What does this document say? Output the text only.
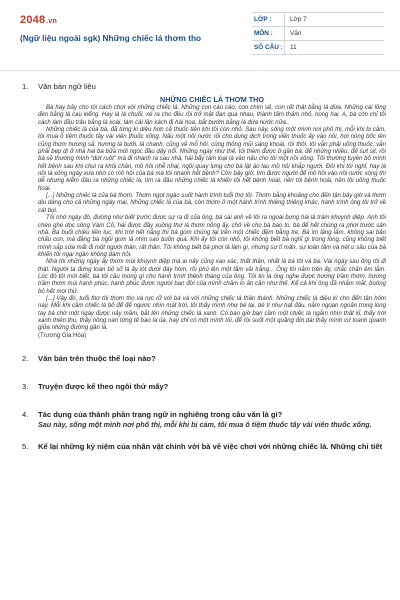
2048.vn
(Ngữ liệu ngoài sgk) Những chiếc lá thơm tho
LỚP :	Lớp 7
MÔN :	Văn
SỐ CÂU :	11
1.	Văn bản ngữ liệu
NHỮNG CHIẾC LÁ THƠM THO

Bà hay bảy cho tôi cách chơi với những chiếc lá. Những cọn cáo cáo, con chim sẻ, con rết thật bằng lá dừa. Những cái lồng đèn bằng lá cau kiểng. Hay là lá chuối, xé ra cho đều rồi trở mặt đan qua nhau, thành tấm thảm nhỏ, nong hai. A, bà còn chỉ tôi cách làm đầu trâu bằng lá xoài, làm cái lần xách đi hái hoa, bắt bướm bằng lá dừa nước nữa..

Những chiếc lá của bà, đã từng kì diệu hơn cả thuốc tiên khi tôi còn nhỏ. Sau này, sống một mình nơi phố thị, mỗi khi bị cảm, tôi mua ô tiệm thuốc tây vài viên thuốc xống. Nấu một nồi nước rồi cho dung dịch trong viên thuốc ấy vào nồi, hơi nóng bốc lên cũng thơm hương sả, hương lá bưởi, lá chanh, cũng vẽ mỗ hôi, cũng thông mũi sáng khoái, rồi thôi, tôi vẫn phải uống thuốc, vẫn phải bẹp dí ở nhà hai ba bữa mới ngóc đầu dậy nổi. Những ngày như thế, tôi thèm được ở gần bà, để những nhiều, để sựt sịt, rồi bà sẽ thương mình “dứt ruột” mà đi nhanh ra sau nhà, hái bẩy tám loại lá vào nấu cho tôi một nồi xông. Tôi thường tuyên bố mình hết bệnh sau khi chui ra khỏi chăn, mồ hôi nhễ nhại, ngồi quay lưng cho bà lật áo lau mồ hôi khắp người. Đôi khi tôi nghĩ, hay là nồi lá xông ngày xưa nhờ có mồ hôi của bà mà tôi nhanh hết bệnh? Còn bây giờ, tìm được người để mồ hôi vào nồi nước xông thì dễ nhưng kiếm đâu ra những chiếc lá, tìm ra đâu những chiếc lá khiến tôi hết bệnh hoài, nên tôi bệnh hoài, nên tôi uống thuốc hoài.

[...] Những chiếc lá của bà thơm. Thơm ngọt ngào suốt hành trình tuổi thơ tôi. Thơm bằng khoảng cho đến tận bây giờ và thơm dịu dàng cho cả những ngày mai. Những chiếc lá của bà, còn thơm ở một hành trình thiêng thiêng khác, hành trình ông tôi trở về cát bụi.

Tôi nhớ ngày đó, đường như biết trước được sự ra đi của ông, bà sai anh về tôi ra ngoài bưng hái lá trám khuynh diệp. Anh tôi chèo ghe dọc sông Vàm Cỏ, hái được đầy xuồng thứ lá thơm nồng ấy, chở về cho bà bao to, bà để hết chúng ra phơi trước sân nhà. Ba buổi chiều liền tục, khi trời hết nắng thì bà gom chúng lại trên một chiếc đệm bằng tre. Bà im lặng lắm, không sai bảo chấu con, mà đăng bà ngồi gom lá nhìn sao buồn quá. Khi ấy tôi còn nhỏ, tôi không biết bà nghĩ gì trong lòng, cũng không biết mình sắp sửa mất đi một người thân, rất thân. Tôi không biết bà phơi lá làm gì, nhưng sự tỉ mẩn, sự toàn tâm và nét u sầu của bà khiến tôi ngại ngần không dám hỏi.

Nhà tôi những ngày ấy thơm mùi khuynh diệp mà ai nấy cũng xao xác, thất thần, nhất là bà tôi và ba. Vài ngày sau ông tôi đi thật. Người ta đứng toàn bộ số lá ấy lót dưới đáy hòm, rồi phủ lên một tấm vải trắng... Ông tôi nằm trên ấy, chắc chăn êm lắm. Lúc đó tôi mới biết, bà tôi cầu mong gì cho hành trình thênh thang của ông. Tôi tin là ông nghe được hương trầm thơm, hương trầm thơm mùi hạnh phúc, hạnh phúc được người bạn đời của mình chăm lo ân cần như thế. Kể cả khi ông đã nhắm mắt, buông bỏ hết mọi thứ.

[...] Vậy đó, tuổi thơ tôi thơm tho và rực rỡ với bà và với những chiếc lá thần thánh. Những chiếc lá diệu kì cho đến tận hôm nay. Mỗi khi cầm chiếc lá bỏ để để ngược nhìn mặt trời, tôi thấy mình như bé lại, bé tí như hạt đậu, nằm ngoan ngoãn trong lòng tay bà chờ một ngày được nảy mầm, bắt lên những chiếc lá xanh. Có bao giờ bạn cầm một chiếc lá ngắm nhìn thật kĩ, thấy trời xanh thiên thu, thấy nồng nàn từng tế bào lá ủa, hay chỉ có một mình tôi, để rồi suốt một quãng đời dài thấy mình cứ loanh quanh giữa những đường gân lá.

(Trương Gia Hòa)

2.	Văn bản trên thuộc thể loại nào?
3.	Truyện được kể theo ngôi thứ mấy?
4.	Tác dụng của thành phần trạng ngữ in nghiêng trong câu văn là gì?
Sau này, sống một mình nơi phố thị, mỗi khi bị cảm, tôi mua ô tiệm thuốc tây vài viên thuốc xống.
5.	Kể lại những kỷ niệm của nhân vật chính với bà về việc chơi với những chiếc lá. Những chi tiết
